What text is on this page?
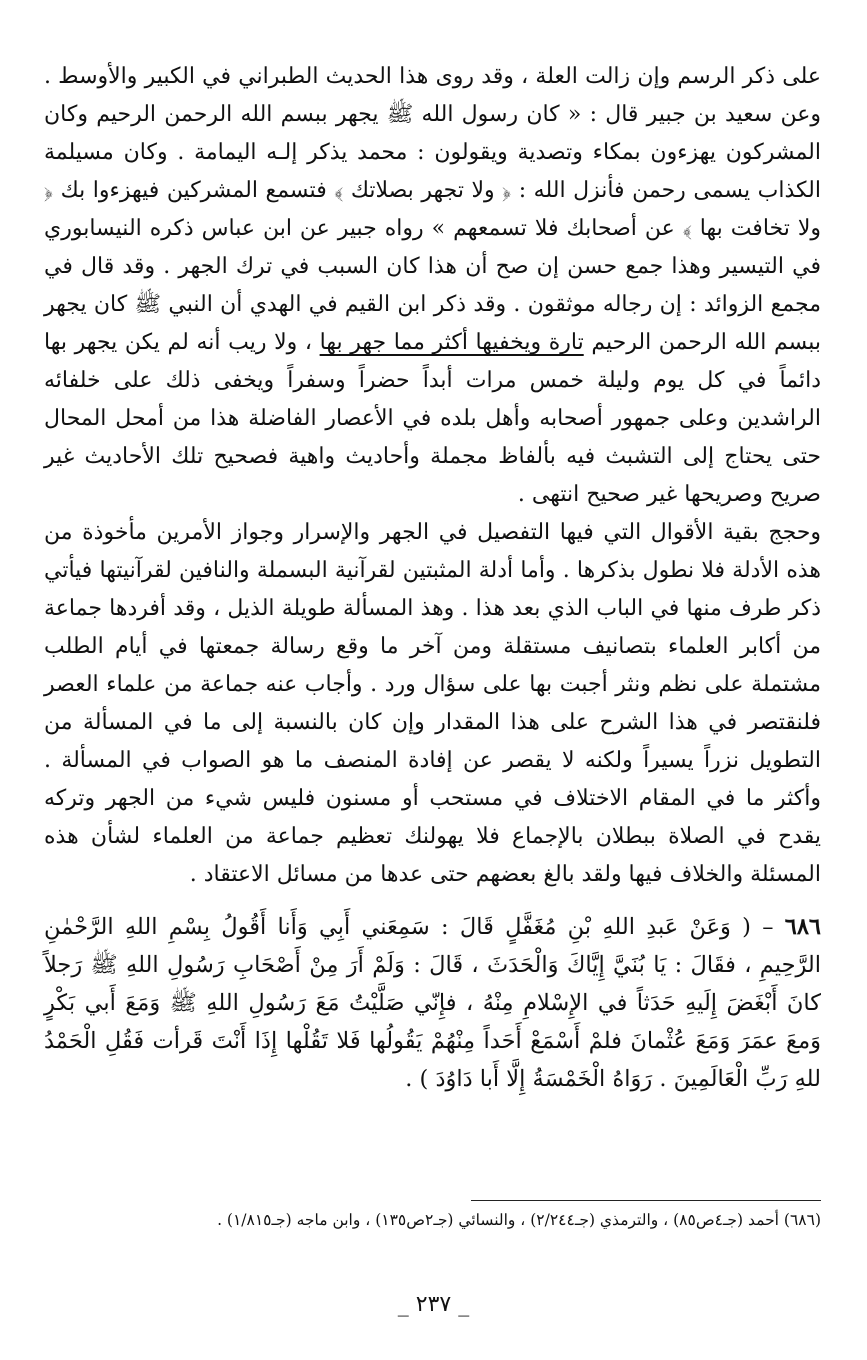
على ذكر الرسم وإن زالت العلة ، وقد روى هذا الحديث الطبراني في الكبير والأوسط . وعن سعيد بن جبير قال : « كان رسول الله ﷺ يجهر ببسم الله الرحمن الرحيم وكان المشركون يهزءون بمكاء وتصدية ويقولون : محمد يذكر إلـه اليمامة . وكان مسيلمة الكذاب يسمى رحمن فأنزل الله : ﴿ ولا تجهر بصلاتك ﴾ فتسمع المشركين فيهزءوا بك ﴿ ولا تخافت بها ﴾ عن أصحابك فلا تسمعهم » رواه جبير عن ابن عباس ذكره النيسابوري في التيسير وهذا جمع حسن إن صح أن هذا كان السبب في ترك الجهر . وقد قال في مجمع الزوائد : إن رجاله موثقون . وقد ذكر ابن القيم في الهدي أن النبي ﷺ كان يجهر ببسم الله الرحمن الرحيم تارة ويخفيها أكثر مما جهر بها ، ولا ريب أنه لم يكن يجهر بها دائماً في كل يوم وليلة خمس مرات أبداً حضراً وسفراً ويخفى ذلك على خلفائه الراشدين وعلى جمهور أصحابه وأهل بلده في الأعصار الفاضلة هذا من أمحل المحال حتى يحتاج إلى التشبث فيه بألفاظ مجملة وأحاديث واهية فصحيح تلك الأحاديث غير صريح وصريحها غير صحيح انتهى .

وحجج بقية الأقوال التي فيها التفصيل في الجهر والإسرار وجواز الأمرين مأخوذة من هذه الأدلة فلا نطول بذكرها . وأما أدلة المثبتين لقرآنية البسملة والنافين لقرآنيتها فيأتي ذكر طرف منها في الباب الذي بعد هذا . وهذ المسألة طويلة الذيل ، وقد أفردها جماعة من أكابر العلماء بتصانيف مستقلة ومن آخر ما وقع رسالة جمعتها في أيام الطلب مشتملة على نظم ونثر أجبت بها على سؤال ورد . وأجاب عنه جماعة من علماء العصر فلنقتصر في هذا الشرح على هذا المقدار وإن كان بالنسبة إلى ما في المسألة من التطويل نزراً يسيراً ولكنه لا يقصر عن إفادة المنصف ما هو الصواب في المسألة . وأكثر ما في المقام الاختلاف في مستحب أو مسنون فليس شيء من الجهر وتركه يقدح في الصلاة ببطلان بالإجماع فلا يهولنك تعظيم جماعة من العلماء لشأن هذه المسئلة والخلاف فيها ولقد بالغ بعضهم حتى عدها من مسائل الاعتقاد .

٦٨٦ – ( وَعَنْ عَبدِ اللهِ بْنِ مُغَفَّلٍ قَالَ : سَمِعَني أَبِي وَأَنا أَقُولُ بِسْمِ اللهِ الرَّحْمٰنِ الرَّحِيمِ ، فقَالَ : يَا بُنَيَّ إِيَّاكَ وَالْحَدَثَ ، قَالَ : وَلَمْ أَرَ مِنْ أَصْحَابِ رَسُولِ اللهِ ﷺ رَجلاً كانَ أَبْغَضَ إِلَيهِ حَدَثاً في الإِسْلامِ مِنْهُ ، فإِنّي صَلَّيْتُ مَعَ رَسُولِ اللهِ ﷺ وَمَعَ أَبي بَكْرٍ وَمعَ عمَرَ وَمَعَ عُثْمانَ فلمْ أَسْمَعْ أَحَداً مِنْهُمْ يَقُولُها فَلا تَقُلْها إِذَا أَنْتَ قَرأت فَقُلِ الْحَمْدُ للهِ رَبِّ الْعَالَمِينَ . رَوَاهُ الْخَمْسَةُ إِلَّا أَبا دَاوُدَ ) .

(٦٨٦) أحمد (جـ٤ص٨٥) ، والترمذي (جـ٢/٢٤٤) ، والنسائي (جـ٢ص١٣٥) ، وابن ماجه (جـ١/٨١٥) .

_ ٢٣٧ _
